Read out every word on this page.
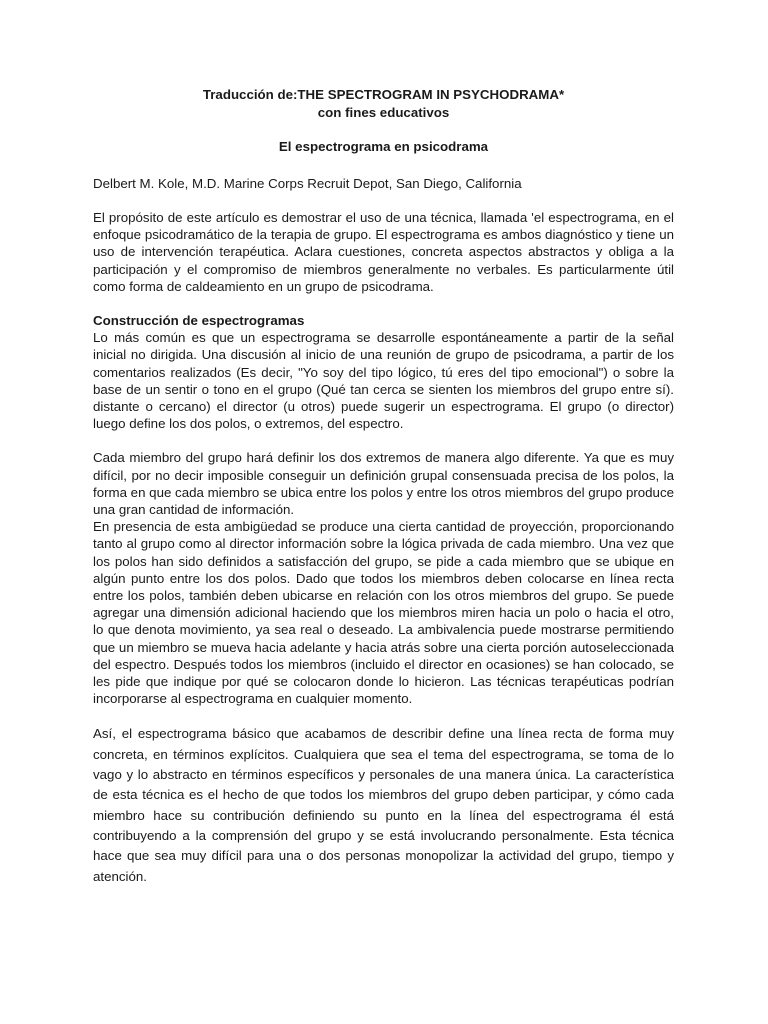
Traducción de:THE SPECTROGRAM IN PSYCHODRAMA*
con fines educativos
El espectrograma en psicodrama
Delbert M. Kole, M.D. Marine Corps Recruit Depot, San Diego, California

El propósito de este artículo es demostrar el uso de una técnica, llamada 'el espectrograma, en el enfoque psicodramático de la terapia de grupo. El espectrograma es ambos diagnóstico y tiene un uso de intervención terapéutica. Aclara cuestiones, concreta aspectos abstractos y obliga a la participación y el compromiso de miembros generalmente no verbales. Es particularmente útil como forma de caldeamiento en un grupo de psicodrama.

Construcción de espectrogramas

Lo más común es que un espectrograma se desarrolle espontáneamente a partir de la señal inicial no dirigida. Una discusión al inicio de una reunión de grupo de psicodrama, a partir de los comentarios realizados (Es decir, "Yo soy del tipo lógico, tú eres del tipo emocional") o sobre la base de un sentir o tono en el grupo (Qué tan cerca se sienten los miembros del grupo entre sí). distante o cercano) el director (u otros) puede sugerir un espectrograma. El grupo (o director) luego define los dos polos, o extremos, del espectro.

Cada miembro del grupo hará definir los dos extremos de manera algo diferente. Ya que es muy difícil, por no decir imposible conseguir un definición grupal consensuada precisa de los polos, la forma en que cada miembro se ubica entre los polos y entre los otros miembros del grupo produce una gran cantidad de información.

En presencia de esta ambigüedad se produce una cierta cantidad de proyección, proporcionando tanto al grupo como al director información sobre la lógica privada de cada miembro. Una vez que los polos han sido definidos a satisfacción del grupo, se pide a cada miembro que se ubique en algún punto entre los dos polos. Dado que todos los miembros deben colocarse en línea recta entre los polos, también deben ubicarse en relación con los otros miembros del grupo. Se puede agregar una dimensión adicional haciendo que los miembros miren hacia un polo o hacia el otro, lo que denota movimiento, ya sea real o deseado. La ambivalencia puede mostrarse permitiendo que un miembro se mueva hacia adelante y hacia atrás sobre una cierta porción autoseleccionada del espectro. Después todos los miembros (incluido el director en ocasiones) se han colocado, se les pide que indique por qué se colocaron donde lo hicieron. Las técnicas terapéuticas podrían incorporarse al espectrograma en cualquier momento.

Así, el espectrograma básico que acabamos de describir define una línea recta de forma muy concreta, en términos explícitos. Cualquiera que sea el tema del espectrograma, se toma de lo vago y lo abstracto en términos específicos y personales de una manera única. La característica de esta técnica es el hecho de que todos los miembros del grupo deben participar, y cómo cada miembro hace su contribución definiendo su punto en la línea del espectrograma él está contribuyendo a la comprensión del grupo y se está involucrando personalmente. Esta técnica hace que sea muy difícil para una o dos personas monopolizar la actividad del grupo, tiempo y atención.
